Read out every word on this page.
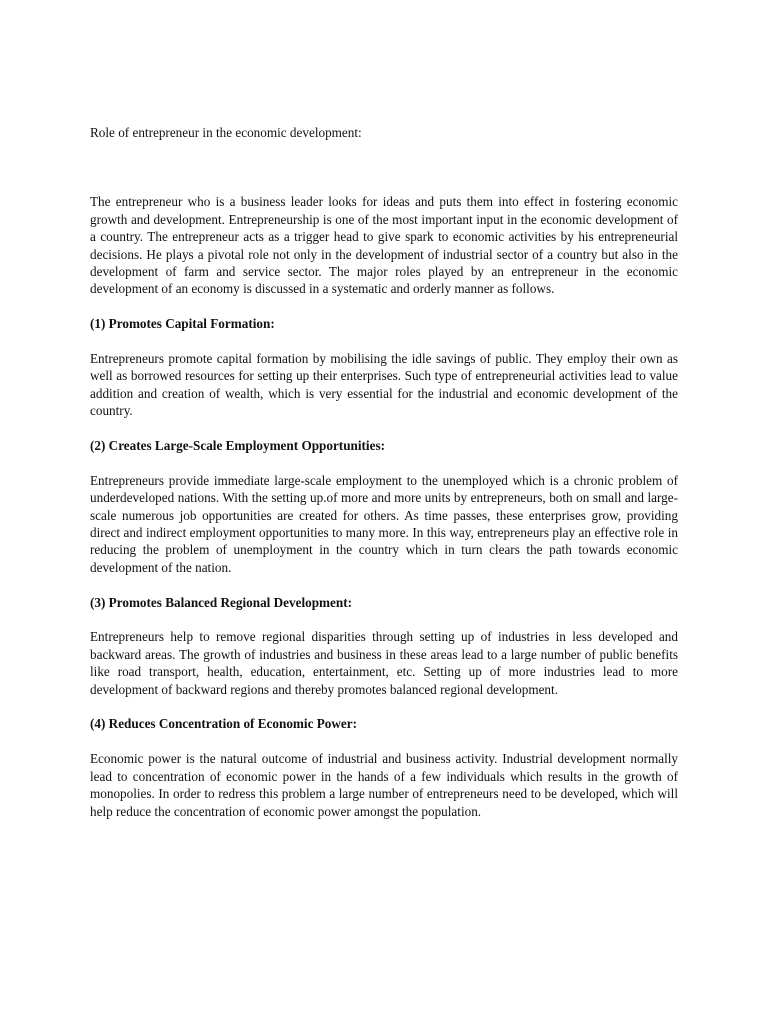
Role of entrepreneur in the economic development:

The entrepreneur who is a business leader looks for ideas and puts them into effect in fostering economic growth and development. Entrepreneurship is one of the most important input in the economic development of a country. The entrepreneur acts as a trigger head to give spark to economic activities by his entrepreneurial decisions. He plays a pivotal role not only in the development of industrial sector of a country but also in the development of farm and service sector. The major roles played by an entrepreneur in the economic development of an economy is discussed in a systematic and orderly manner as follows.

(1) Promotes Capital Formation:

Entrepreneurs promote capital formation by mobilising the idle savings of public. They employ their own as well as borrowed resources for setting up their enterprises. Such type of entrepreneurial activities lead to value addition and creation of wealth, which is very essential for the industrial and economic development of the country.

(2) Creates Large-Scale Employment Opportunities:

Entrepreneurs provide immediate large-scale employment to the unemployed which is a chronic problem of underdeveloped nations. With the setting up.of more and more units by entrepreneurs, both on small and large-scale numerous job opportunities are created for others. As time passes, these enterprises grow, providing direct and indirect employment opportunities to many more. In this way, entrepreneurs play an effective role in reducing the problem of unemployment in the country which in turn clears the path towards economic development of the nation.

(3) Promotes Balanced Regional Development:

Entrepreneurs help to remove regional disparities through setting up of industries in less developed and backward areas. The growth of industries and business in these areas lead to a large number of public benefits like road transport, health, education, entertainment, etc. Setting up of more industries lead to more development of backward regions and thereby promotes balanced regional development.

(4) Reduces Concentration of Economic Power:

Economic power is the natural outcome of industrial and business activity. Industrial development normally lead to concentration of economic power in the hands of a few individuals which results in the growth of monopolies. In order to redress this problem a large number of entrepreneurs need to be developed, which will help reduce the concentration of economic power amongst the population.
